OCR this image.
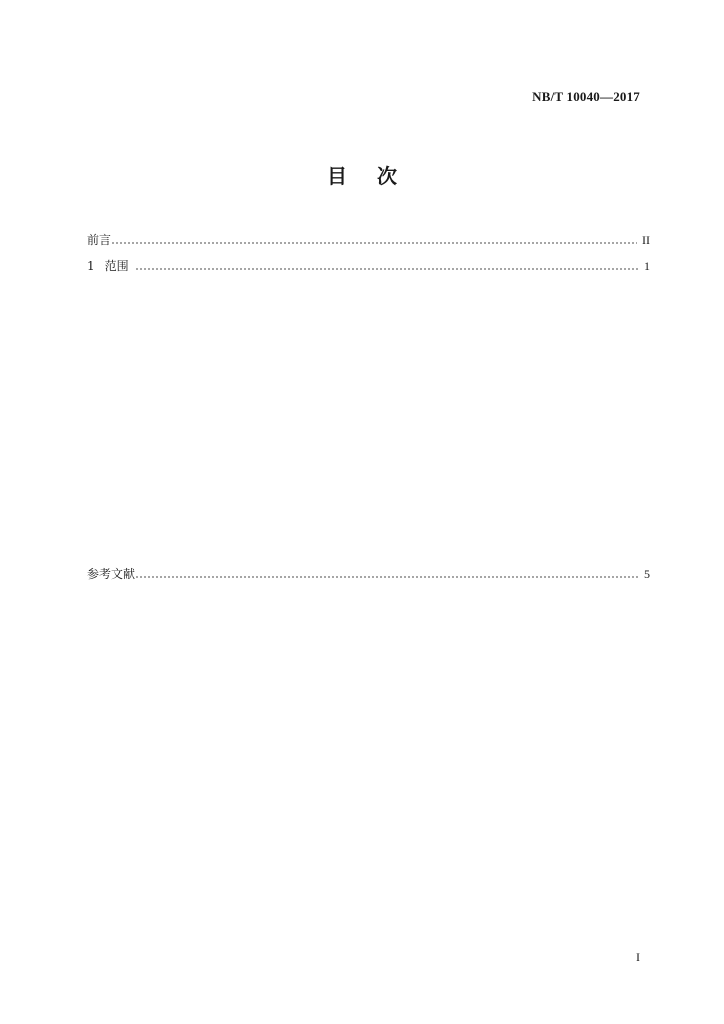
NB/T 10040—2017
目 次
前言	II
1 范围	1
参考文献	5
I
